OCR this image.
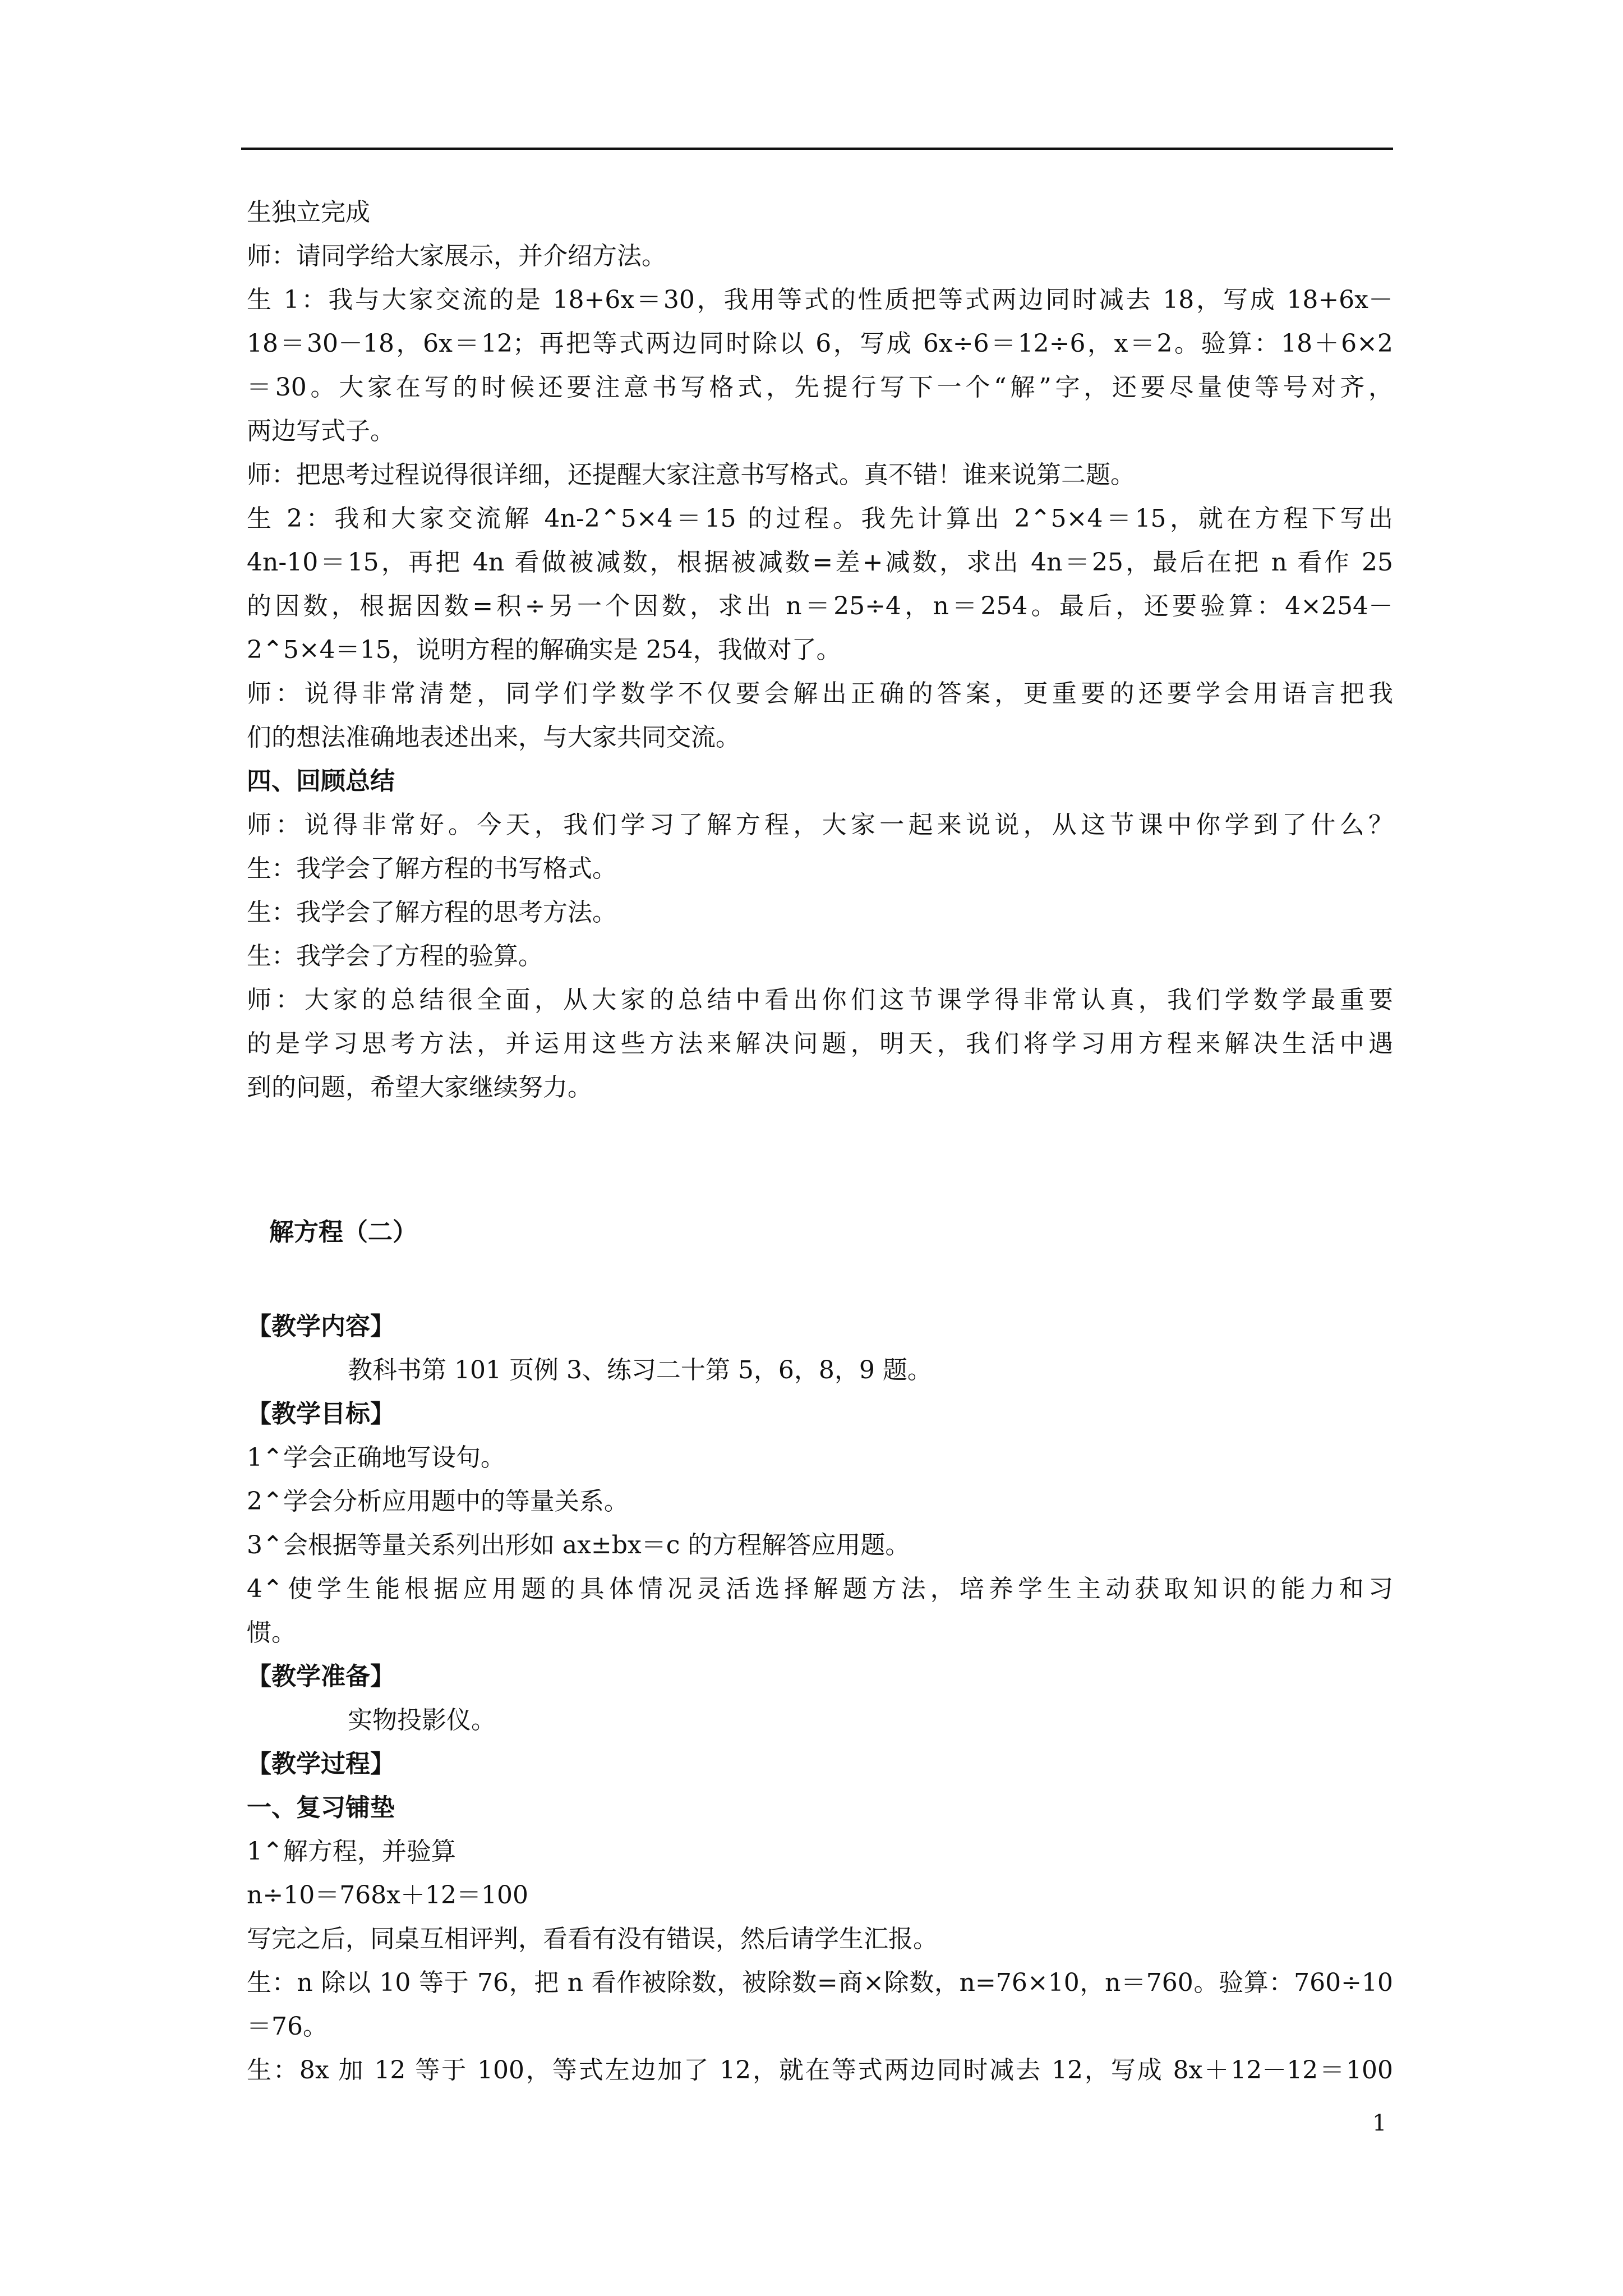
生独立完成
师：请同学给大家展示，并介绍方法。
生 1：我与大家交流的是 18+6x＝30，我用等式的性质把等式两边同时减去 18，写成 18+6x－
18＝30－18，6x＝12；再把等式两边同时除以 6，写成 6x÷6＝12÷6，x＝2。验算：18＋6×2
＝30。大家在写的时候还要注意书写格式，先提行写下一个“解”字，还要尽量使等号对齐，
两边写式子。
师：把思考过程说得很详细，还提醒大家注意书写格式。真不错！谁来说第二题。
生 2：我和大家交流解 4n-2⌃5×4＝15 的过程。我先计算出 2⌃5×4＝15，就在方程下写出
4n-10＝15，再把 4n 看做被减数，根据被减数=差+减数，求出 4n＝25，最后在把 n 看作 25
的因数，根据因数=积÷另一个因数，求出 n＝25÷4，n＝254。最后，还要验算：4×254－
2⌃5×4＝15，说明方程的解确实是 254，我做对了。
师：说得非常清楚，同学们学数学不仅要会解出正确的答案，更重要的还要学会用语言把我
们的想法准确地表述出来，与大家共同交流。
四、回顾总结
师：说得非常好。今天，我们学习了解方程，大家一起来说说，从这节课中你学到了什么？
生：我学会了解方程的书写格式。
生：我学会了解方程的思考方法。
生：我学会了方程的验算。
师：大家的总结很全面，从大家的总结中看出你们这节课学得非常认真，我们学数学最重要
的是学习思考方法，并运用这些方法来解决问题，明天，我们将学习用方程来解决生活中遇
到的问题，希望大家继续努力。
解方程（二）
【教学内容】
教科书第 101 页例 3、练习二十第 5，6，8，9 题。
【教学目标】
1⌃学会正确地写设句。
2⌃学会分析应用题中的等量关系。
3⌃会根据等量关系列出形如 ax±bx＝c 的方程解答应用题。
4⌃使学生能根据应用题的具体情况灵活选择解题方法，培养学生主动获取知识的能力和习
惯。
【教学准备】
实物投影仪。
【教学过程】
一、复习铺垫
1⌃解方程，并验算
n÷10＝768x＋12＝100
写完之后，同桌互相评判，看看有没有错误，然后请学生汇报。
生：n 除以 10 等于 76，把 n 看作被除数，被除数=商×除数，n=76×10，n＝760。验算：760÷10
＝76。
生：8x 加 12 等于 100，等式左边加了 12，就在等式两边同时减去 12，写成 8x＋12－12＝100
1
